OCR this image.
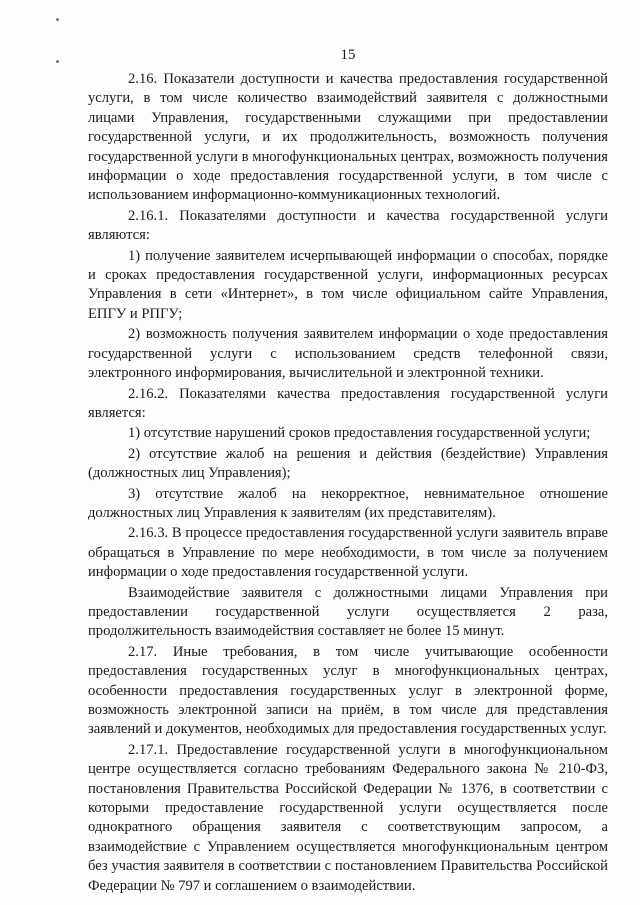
15

2.16. Показатели доступности и качества предоставления государственной услуги, в том числе количество взаимодействий заявителя с должностными лицами Управления, государственными служащими при предоставлении государственной услуги, и их продолжительность, возможность получения государственной услуги в многофункциональных центрах, возможность получения информации о ходе предоставления государственной услуги, в том числе с использованием информационно-коммуникационных технологий.

2.16.1. Показателями доступности и качества государственной услуги являются:

1) получение заявителем исчерпывающей информации о способах, порядке и сроках предоставления государственной услуги, информационных ресурсах Управления в сети «Интернет», в том числе официальном сайте Управления, ЕПГУ и РПГУ;

2) возможность получения заявителем информации о ходе предоставления государственной услуги с использованием средств телефонной связи, электронного информирования, вычислительной и электронной техники.

2.16.2. Показателями качества предоставления государственной услуги является:

1) отсутствие нарушений сроков предоставления государственной услуги;

2) отсутствие жалоб на решения и действия (бездействие) Управления (должностных лиц Управления);

3) отсутствие жалоб на некорректное, невнимательное отношение должностных лиц Управления к заявителям (их представителям).

2.16.3. В процессе предоставления государственной услуги заявитель вправе обращаться в Управление по мере необходимости, в том числе за получением информации о ходе предоставления государственной услуги.

Взаимодействие заявителя с должностными лицами Управления при предоставлении государственной услуги осуществляется 2 раза, продолжительность взаимодействия составляет не более 15 минут.

2.17. Иные требования, в том числе учитывающие особенности предоставления государственных услуг в многофункциональных центрах, особенности предоставления государственных услуг в электронной форме, возможность электронной записи на приём, в том числе для представления заявлений и документов, необходимых для предоставления государственных услуг.

2.17.1. Предоставление государственной услуги в многофункциональном центре осуществляется согласно требованиям Федерального закона № 210-ФЗ, постановления Правительства Российской Федерации № 1376, в соответствии с которыми предоставление государственной услуги осуществляется после однократного обращения заявителя с соответствующим запросом, а взаимодействие с Управлением осуществляется многофункциональным центром без участия заявителя в соответствии с постановлением Правительства Российской Федерации № 797 и соглашением о взаимодействии.
